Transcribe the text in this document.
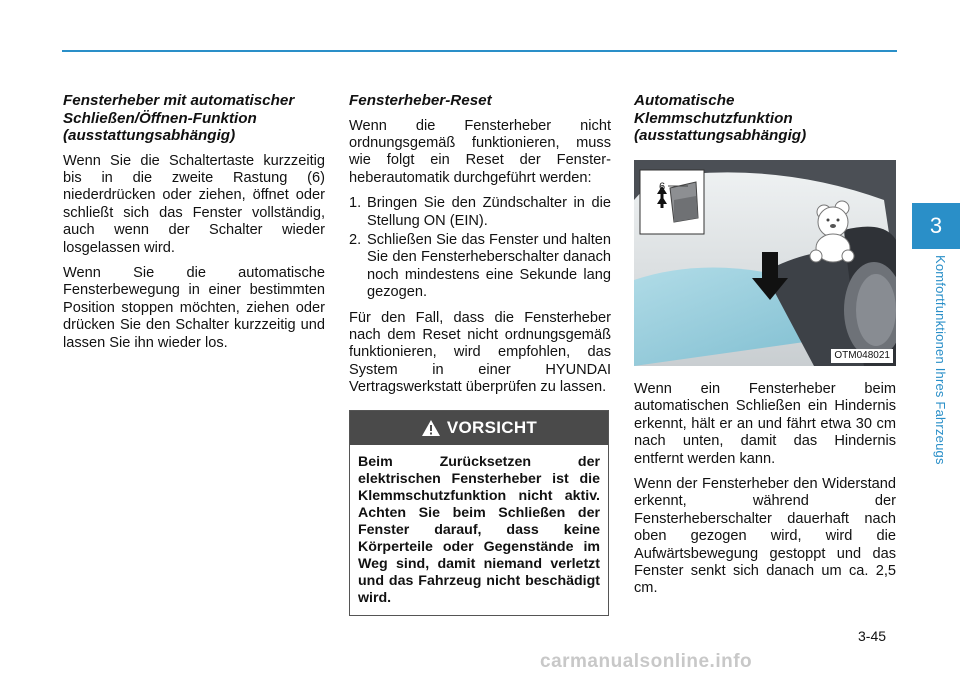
Fensterheber mit automatischer Schließen/Öffnen-Funktion (ausstattungsabhängig)

Wenn Sie die Schaltertaste kurzzeitig bis in die zweite Rastung (6) niederdrücken oder ziehen, öffnet oder schließt sich das Fenster vollständig, auch wenn der Schalter wieder losgelassen wird.

Wenn Sie die automatische Fensterbewegung in einer bestimmten Position stoppen möchten, ziehen oder drücken Sie den Schalter kurzzeitig und lassen Sie ihn wieder los.

Fensterheber-Reset

Wenn die Fensterheber nicht ordnungsgemäß funktionieren, muss wie folgt ein Reset der Fensterheberautomatik durchgeführt werden:

1. Bringen Sie den Zündschalter in die Stellung ON (EIN).
2. Schließen Sie das Fenster und halten Sie den Fensterheberschalter danach noch mindestens eine Sekunde lang gezogen.

Für den Fall, dass die Fensterheber nach dem Reset nicht ordnungsgemäß funktionieren, wird empfohlen, das System in einer HYUNDAI Vertragswerkstatt überprüfen zu lassen.

VORSICHT
Beim Zurücksetzen der elektrischen Fensterheber ist die Klemmschutzfunktion nicht aktiv. Achten Sie beim Schließen der Fenster darauf, dass keine Körperteile oder Gegenstände im Weg sind, damit niemand verletzt und das Fahrzeug nicht beschädigt wird.
Automatische Klemmschutzfunktion (ausstattungsabhängig)
6
OTM048021

Wenn ein Fensterheber beim automatischen Schließen ein Hindernis erkennt, hält er an und fährt etwa 30 cm nach unten, damit das Hindernis entfernt werden kann.

Wenn der Fensterheber den Widerstand erkennt, während der Fensterheberschalter dauerhaft nach oben gezogen wird, wird die Aufwärtsbewegung gestoppt und das Fenster senkt sich danach um ca. 2,5 cm.

3
Komfortfunktionen Ihres Fahrzeugs
3-45
carmanualsonline.info
